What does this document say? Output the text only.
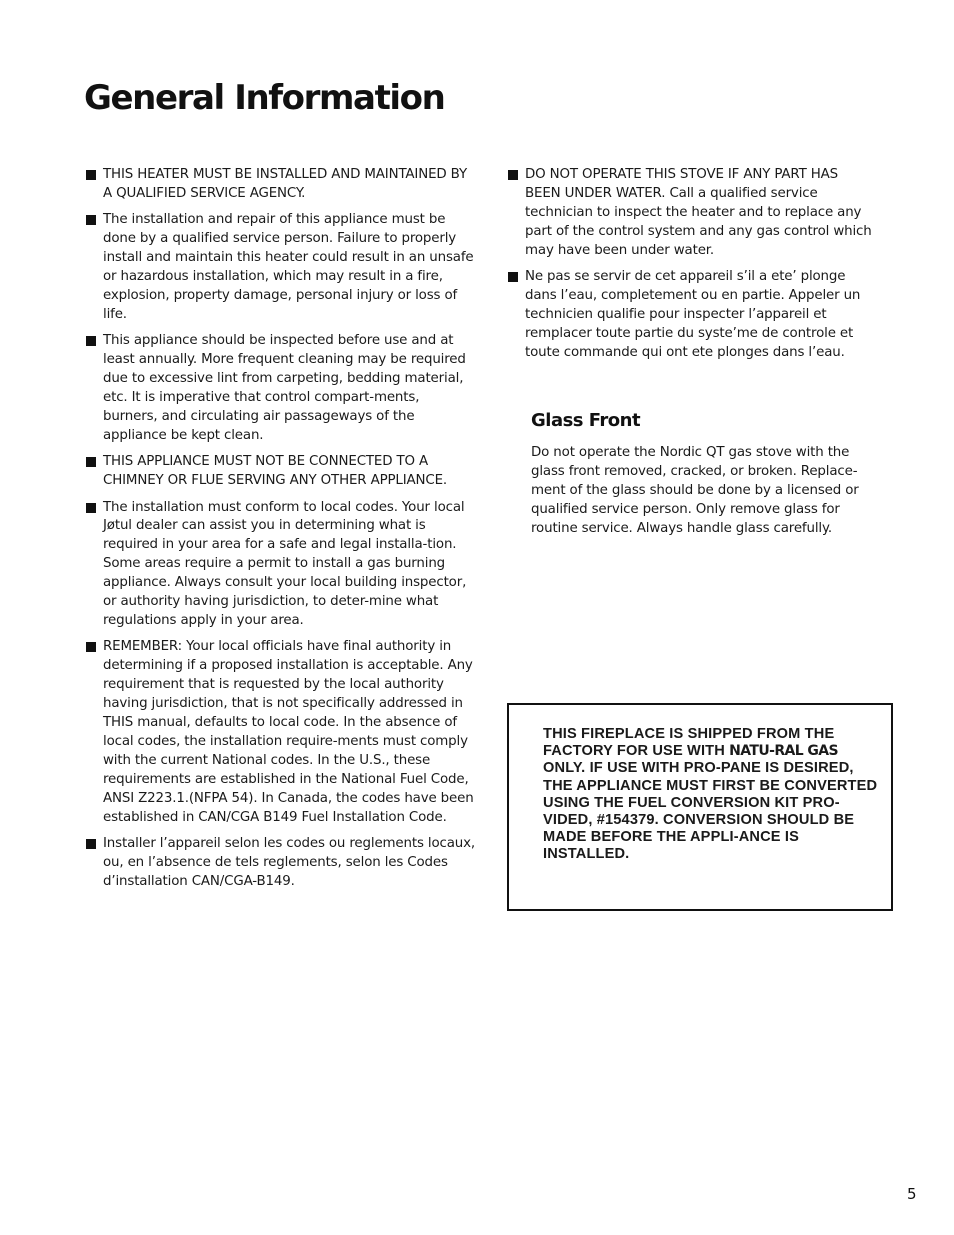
General Information
THIS HEATER MUST BE INSTALLED AND MAINTAINED BY A QUALIFIED SERVICE AGENCY.
The installation and repair of this appliance must be done by a qualified service person. Failure to properly install and maintain this heater could result in an unsafe or hazardous installation, which may result in a fire, explosion, property damage, personal injury or loss of life.
This appliance should be inspected before use and at least annually. More frequent cleaning may be required due to excessive lint from carpeting, bedding material, etc. It is imperative that control compart-ments, burners, and circulating air passageways of the appliance be kept clean.
THIS APPLIANCE MUST NOT BE CONNECTED TO A CHIMNEY OR FLUE SERVING ANY OTHER APPLIANCE.
The installation must conform to local codes. Your local Jøtul dealer can assist you in determining what is required in your area for a safe and legal installa-tion. Some areas require a permit to install a gas burning appliance. Always consult your local building inspector, or authority having jurisdiction, to deter-mine what regulations apply in your area.
REMEMBER: Your local officials have final authority in determining if a proposed installation is acceptable. Any requirement that is requested by the local authority having jurisdiction, that is not specifically addressed in THIS manual, defaults to local code. In the absence of local codes, the installation require-ments must comply with the current National codes. In the U.S., these requirements are established in the National Fuel Code, ANSI Z223.1.(NFPA 54). In Canada, the codes have been established in CAN/CGA B149 Fuel Installation Code.
Installer l’appareil selon les codes ou reglements locaux, ou, en l’absence de tels reglements, selon les Codes d’installation CAN/CGA-B149.
DO NOT OPERATE THIS STOVE IF ANY PART HAS BEEN UNDER WATER. Call a qualified service technician to inspect the heater and to replace any part of the control system and any gas control which may have been under water.
Ne pas se servir de cet appareil s’il a ete’ plonge dans l’eau, completement ou en partie. Appeler un technicien qualifie pour inspecter l’appareil et remplacer toute partie du syste’me de controle et toute commande qui ont ete plonges dans l’eau.
Glass Front

Do not operate the Nordic QT gas stove with the glass front removed, cracked, or broken. Replace-ment of the glass should be done by a licensed or qualified service person. Only remove glass for routine service. Always handle glass carefully.

THIS FIREPLACE IS SHIPPED FROM THE FACTORY FOR USE WITH NATU-RAL GAS ONLY. IF USE WITH PRO-PANE IS DESIRED, THE APPLIANCE MUST FIRST BE CONVERTED USING THE FUEL CONVERSION KIT PRO-VIDED, #154379. CONVERSION SHOULD BE MADE BEFORE THE APPLI-ANCE IS INSTALLED.

5
